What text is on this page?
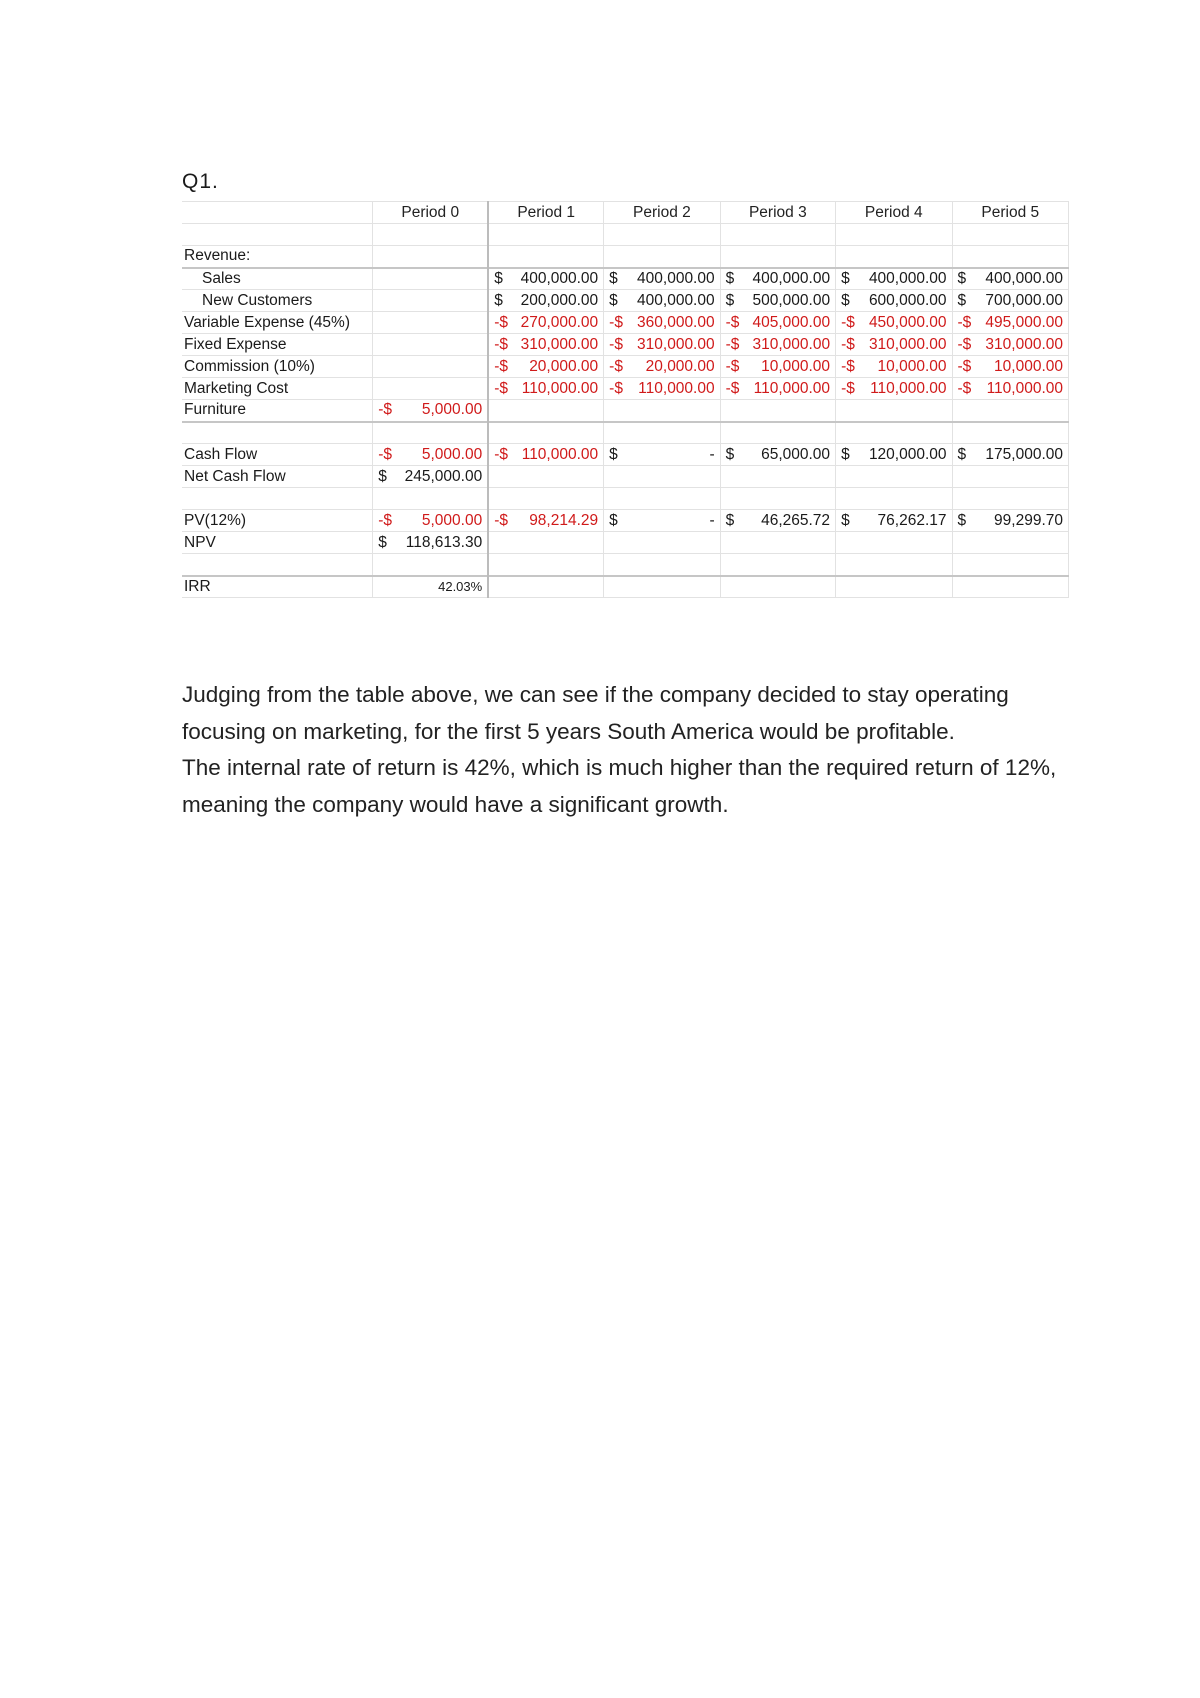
Q1.
	Period 0	Period 1	Period 2	Period 3	Period 4	Period 5

Revenue:						
Sales		$ 400,000.00	$ 400,000.00	$ 400,000.00	$ 400,000.00	$ 400,000.00

New Customers		$ 200,000.00	$ 400,000.00	$ 500,000.00	$ 600,000.00	$ 700,000.00

Variable Expense (45%)		-$ 270,000.00	-$ 360,000.00	-$ 405,000.00	-$ 450,000.00	-$ 495,000.00

Fixed Expense		-$ 310,000.00	-$ 310,000.00	-$ 310,000.00	-$ 310,000.00	-$ 310,000.00

Commission (10%)		-$ 20,000.00	-$ 20,000.00	-$ 10,000.00	-$ 10,000.00	-$ 10,000.00

Marketing Cost		-$ 110,000.00	-$ 110,000.00	-$ 110,000.00	-$ 110,000.00	-$ 110,000.00

Furniture	-$ 5,000.00					

Cash Flow	-$ 5,000.00	-$ 110,000.00	$ -	$ 65,000.00	$ 120,000.00	$ 175,000.00

Net Cash Flow	$ 245,000.00					

PV(12%)	-$ 5,000.00	-$ 98,214.29	$ -	$ 46,265.72	$ 76,262.17	$ 99,299.70

NPV	$ 118,613.30					

IRR	42.03%					

Judging from the table above, we can see if the company decided to stay operating focusing on marketing, for the first 5 years South America would be profitable.

The internal rate of return is 42%, which is much higher than the required return of 12%, meaning the company would have a significant growth.
